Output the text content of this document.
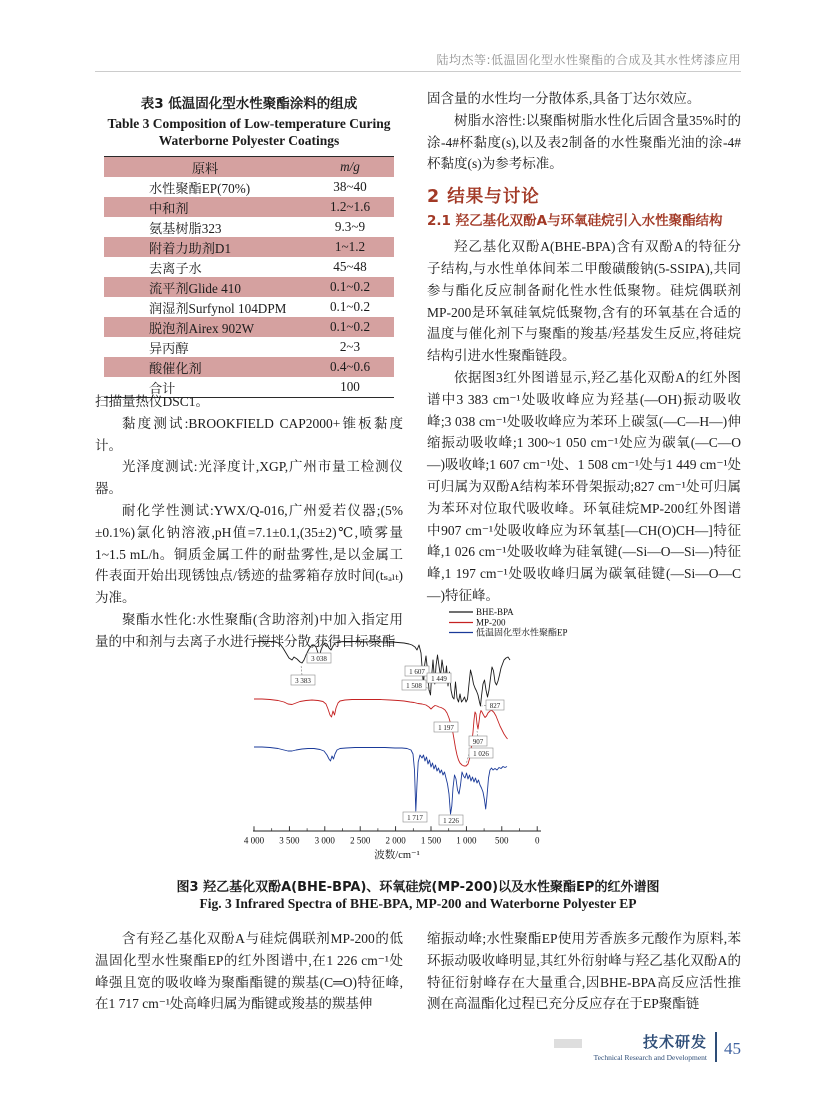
陆均杰等:低温固化型水性聚酯的合成及其水性烤漆应用
表3 低温固化型水性聚酯涂料的组成
Table 3 Composition of Low-temperature Curing
Waterborne Polyester Coatings
原料	m/g
水性聚酯EP(70%)	38~40
中和剂	1.2~1.6
氨基树脂323	9.3~9
附着力助剂D1	1~1.2
去离子水	45~48
流平剂Glide 410	0.1~0.2
润湿剂Surfynol 104DPM	0.1~0.2
脱泡剂Airex 902W	0.1~0.2
异丙醇	2~3
酸催化剂	0.4~0.6
合计	100

扫描量热仪DSC1。

黏度测试:BROOKFIELD CAP2000+锥板黏度计。

光泽度测试:光泽度计,XGP,广州市量工检测仪器。

耐化学性测试:YWX/Q-016,广州爱若仪器;(5%±0.1%)氯化钠溶液,pH值=7.1±0.1,(35±2)℃,喷雾量1~1.5 mL/h。铜质金属工件的耐盐雾性,是以金属工件表面开始出现锈蚀点/锈迹的盐雾箱存放时间(tₛₐₗₜ)为准。

聚酯水性化:水性聚酯(含助溶剂)中加入指定用量的中和剂与去离子水进行搅拌分散,获得目标聚酯

固含量的水性均一分散体系,具备丁达尔效应。

树脂水溶性:以聚酯树脂水性化后固含量35%时的涂-4#杯黏度(s),以及表2制备的水性聚酯光油的涂-4#杯黏度(s)为参考标准。

2 结果与讨论
2.1 羟乙基化双酚A与环氧硅烷引入水性聚酯结构

羟乙基化双酚A(BHE-BPA)含有双酚A的特征分子结构,与水性单体间苯二甲酸磺酸钠(5-SSIPA),共同参与酯化反应制备耐化性水性低聚物。硅烷偶联剂MP-200是环氧硅氧烷低聚物,含有的环氧基在合适的温度与催化剂下与聚酯的羧基/羟基发生反应,将硅烷结构引进水性聚酯链段。

依据图3红外图谱显示,羟乙基化双酚A的红外图谱中3 383 cm⁻¹处吸收峰应为羟基(—OH)振动吸收峰;3 038 cm⁻¹处吸收峰应为苯环上碳氢(—C—H—)伸缩振动吸收峰;1 300~1 050 cm⁻¹处应为碳氧(—C—O—)吸收峰;1 607 cm⁻¹处、1 508 cm⁻¹处与1 449 cm⁻¹处可归属为双酚A结构苯环骨架振动;827 cm⁻¹处可归属为苯环对位取代吸收峰。环氧硅烷MP-200红外图谱中907 cm⁻¹处吸收峰应为环氧基[—CH(O)CH—]特征峰,1 026 cm⁻¹处吸收峰为硅氧键(—Si—O—Si—)特征峰,1 197 cm⁻¹处吸收峰归属为碳氧硅键(—Si—O—C—)特征峰。

4 000 3 500 3 000 2 500 2 000 1 500 1 000 500	0
波数/cm⁻¹
BHE-BPA
MP-200
低温固化型水性聚酯EP
3 038
3 383
1 607
1 449
1 508
827
1 197
907
1 026
1 717	1 226
图3 羟乙基化双酚A(BHE-BPA)、环氧硅烷(MP-200)以及水性聚酯EP的红外谱图
Fig. 3 Infrared Spectra of BHE-BPA, MP-200 and Waterborne Polyester EP

含有羟乙基化双酚A与硅烷偶联剂MP-200的低温固化型水性聚酯EP的红外图谱中,在1 226 cm⁻¹处峰强且宽的吸收峰为聚酯酯键的羰基(C═O)特征峰,在1 717 cm⁻¹处高峰归属为酯键或羧基的羰基伸

缩振动峰;水性聚酯EP使用芳香族多元酸作为原料,苯环振动吸收峰明显,其红外衍射峰与羟乙基化双酚A的特征衍射峰存在大量重合,因BHE-BPA高反应活性推测在高温酯化过程已充分反应存在于EP聚酯链

技术研发
Technical Research and Development 45
